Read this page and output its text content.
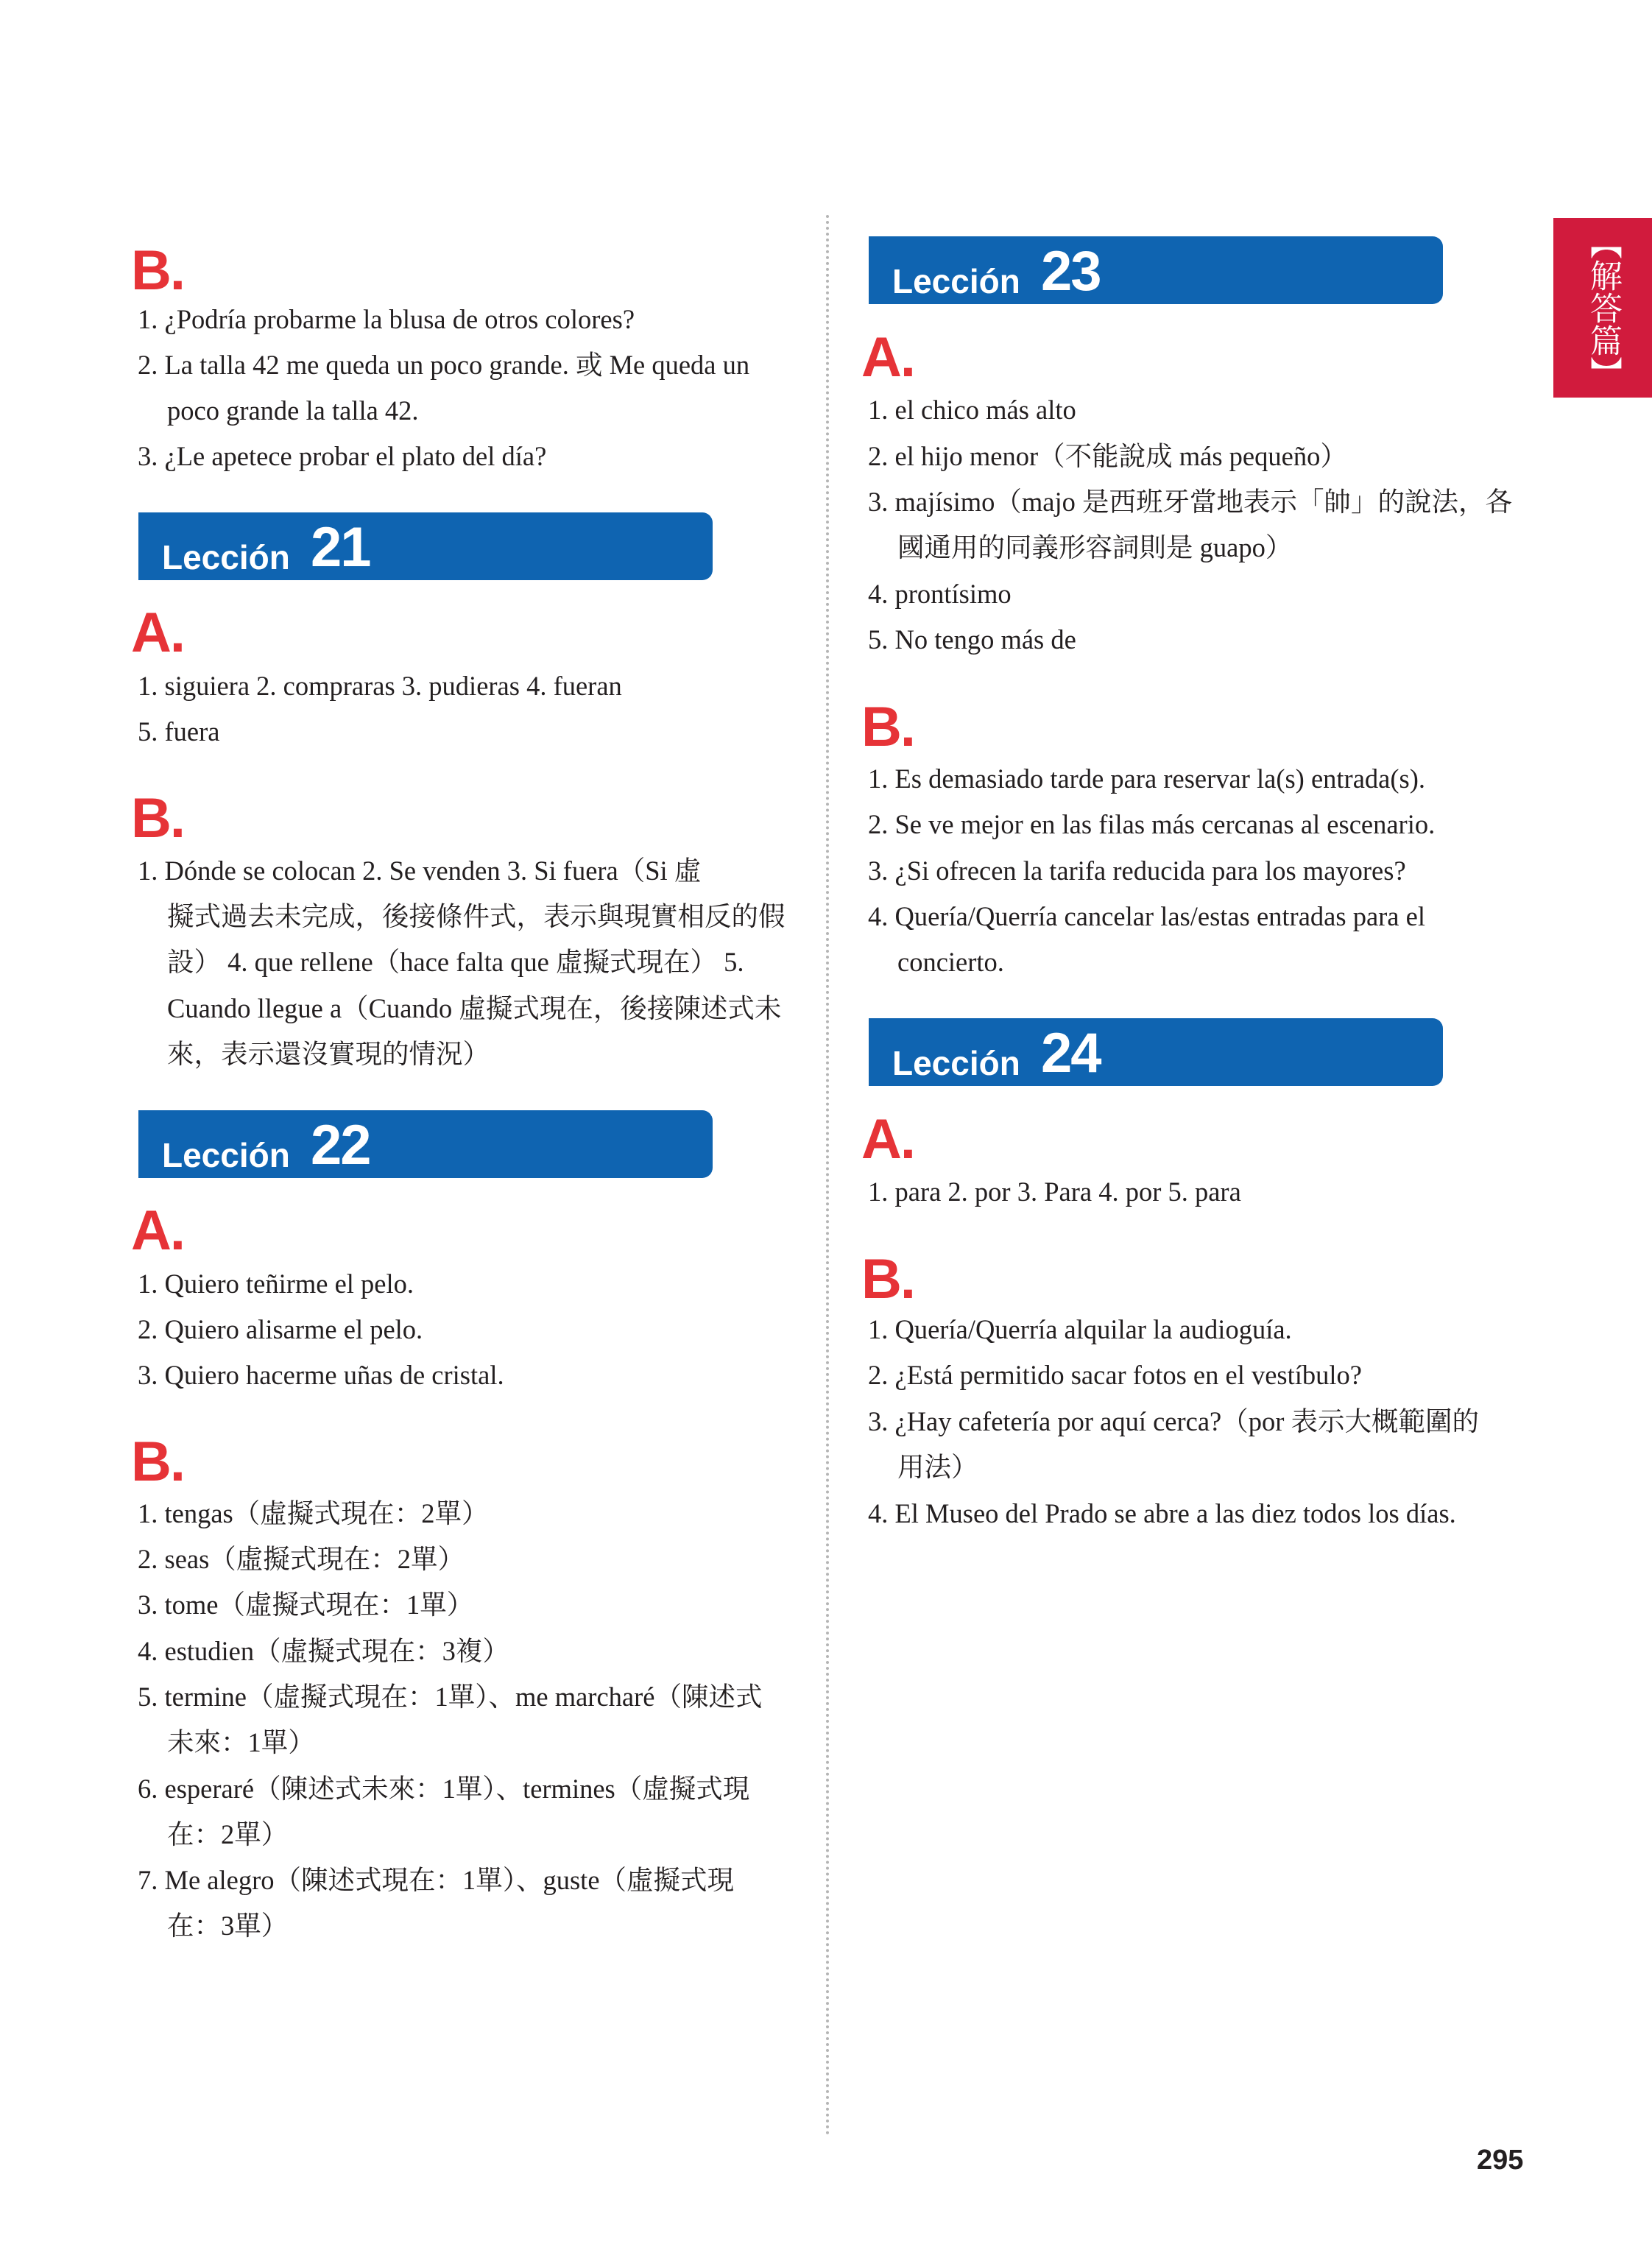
【解答篇】
B.
1. ¿Podría probarme la blusa de otros colores?
2. La talla 42 me queda un poco grande. 或 Me queda un
poco grande la talla 42.
3. ¿Le apetece probar el plato del día?
Lección 21
A.
1. siguiera 2. compraras 3. pudieras 4. fueran
5. fuera
B.
1. Dónde se colocan 2. Se venden 3. Si fuera（Si 虛
擬式過去未完成，後接條件式，表示與現實相反的假
設） 4. que rellene（hace falta que 虛擬式現在） 5.
Cuando llegue a（Cuando 虛擬式現在，後接陳述式未
來，表示還沒實現的情況）
Lección 22
A.
1. Quiero teñirme el pelo.
2. Quiero alisarme el pelo.
3. Quiero hacerme uñas de cristal.
B.
1. tengas（虛擬式現在：2單）
2. seas（虛擬式現在：2單）
3. tome（虛擬式現在：1單）
4. estudien（虛擬式現在：3複）
5. termine（虛擬式現在：1單）、me marcharé（陳述式
未來：1單）
6. esperaré（陳述式未來：1單）、termines（虛擬式現
在：2單）
7. Me alegro（陳述式現在：1單）、guste（虛擬式現
在：3單）
Lección 23
A.
1. el chico más alto
2. el hijo menor（不能說成 más pequeño）
3. majísimo（majo 是西班牙當地表示「帥」的說法，各
國通用的同義形容詞則是 guapo）
4. prontísimo
5. No tengo más de
B.
1. Es demasiado tarde para reservar la(s) entrada(s).
2. Se ve mejor en las filas más cercanas al escenario.
3. ¿Si ofrecen la tarifa reducida para los mayores?
4. Quería/Querría cancelar las/estas entradas para el
concierto.
Lección 24
A.
1. para 2. por 3. Para 4. por 5. para
B.
1. Quería/Querría alquilar la audioguía.
2. ¿Está permitido sacar fotos en el vestíbulo?
3. ¿Hay cafetería por aquí cerca?（por 表示大概範圍的
用法）
4. El Museo del Prado se abre a las diez todos los días.
295
